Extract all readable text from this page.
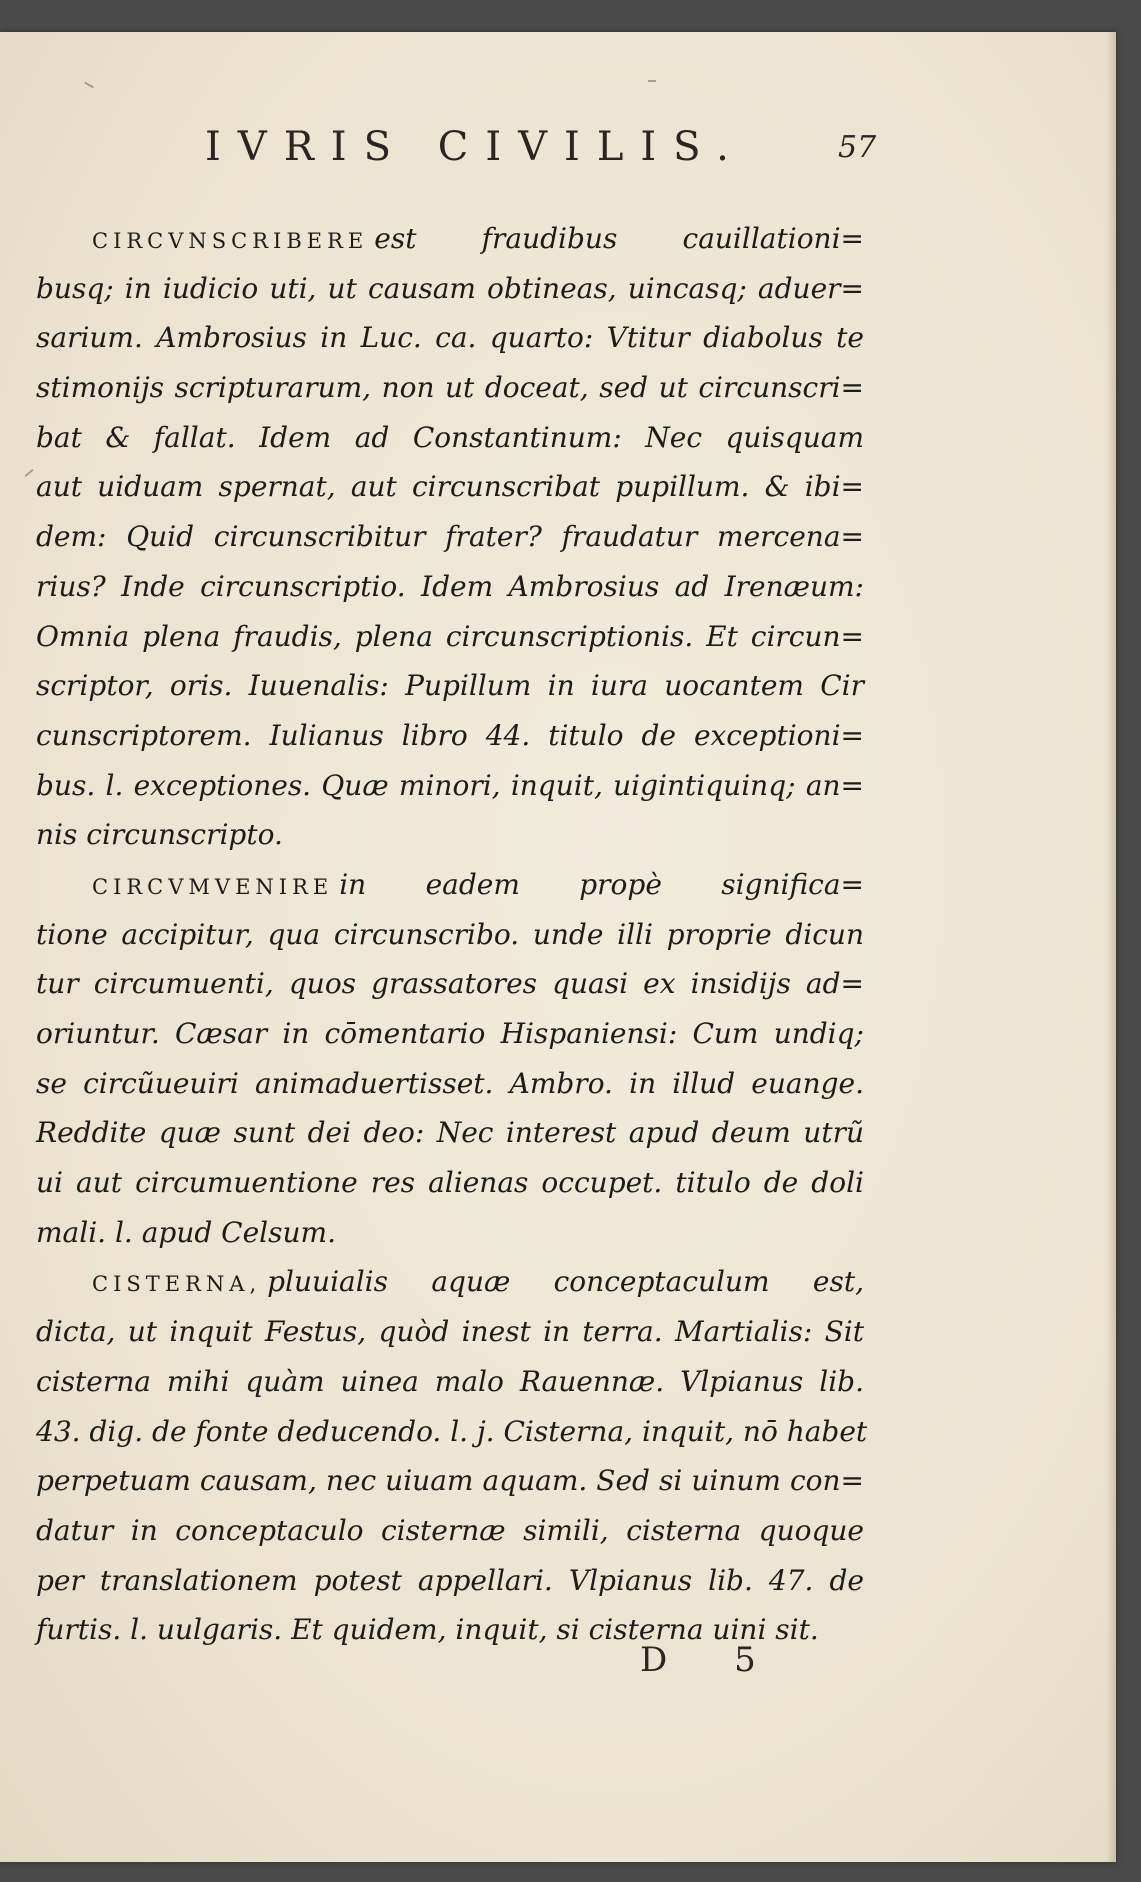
IVRIS CIVILIS.	57
CIRCVNSCRIBERE est fraudibus cauillationi=
busq; in iudicio uti, ut causam obtineas, uincasq; aduer=
sarium. Ambrosius in Luc. ca. quarto: Vtitur diabolus te
stimonijs scripturarum, non ut doceat, sed ut circunscri=
bat & fallat. Idem ad Constantinum: Nec quisquam
aut uiduam spernat, aut circunscribat pupillum. & ibi=
dem: Quid circunscribitur frater? fraudatur mercena=
rius? Inde circunscriptio. Idem Ambrosius ad Irenæum:
Omnia plena fraudis, plena circunscriptionis. Et circun=
scriptor, oris. Iuuenalis: Pupillum in iura uocantem Cir
cunscriptorem. Iulianus libro 44. titulo de exceptioni=
bus. l. exceptiones. Quæ minori, inquit, uigintiquinq; an=
nis circunscripto.
CIRCVMVENIRE in eadem propè significa=
tione accipitur, qua circunscribo. unde illi proprie dicun
tur circumuenti, quos grassatores quasi ex insidijs ad=
oriuntur. Cæsar in cōmentario Hispaniensi: Cum undiq;
se circũueuiri animaduertisset. Ambro. in illud euange.
Reddite quæ sunt dei deo: Nec interest apud deum utrũ
ui aut circumuentione res alienas occupet. titulo de doli
mali. l. apud Celsum.
CISTERNA, pluuialis aquæ conceptaculum est,
dicta, ut inquit Festus, quòd inest in terra. Martialis: Sit
cisterna mihi quàm uinea malo Rauennæ. Vlpianus lib.
43. dig. de fonte deducendo. l. j. Cisterna, inquit, nō habet
perpetuam causam, nec uiuam aquam. Sed si uinum con=
datur in conceptaculo cisternæ simili, cisterna quoque
per translationem potest appellari. Vlpianus lib. 47. de
furtis. l. uulgaris. Et quidem, inquit, si cisterna uini sit.
D 5
